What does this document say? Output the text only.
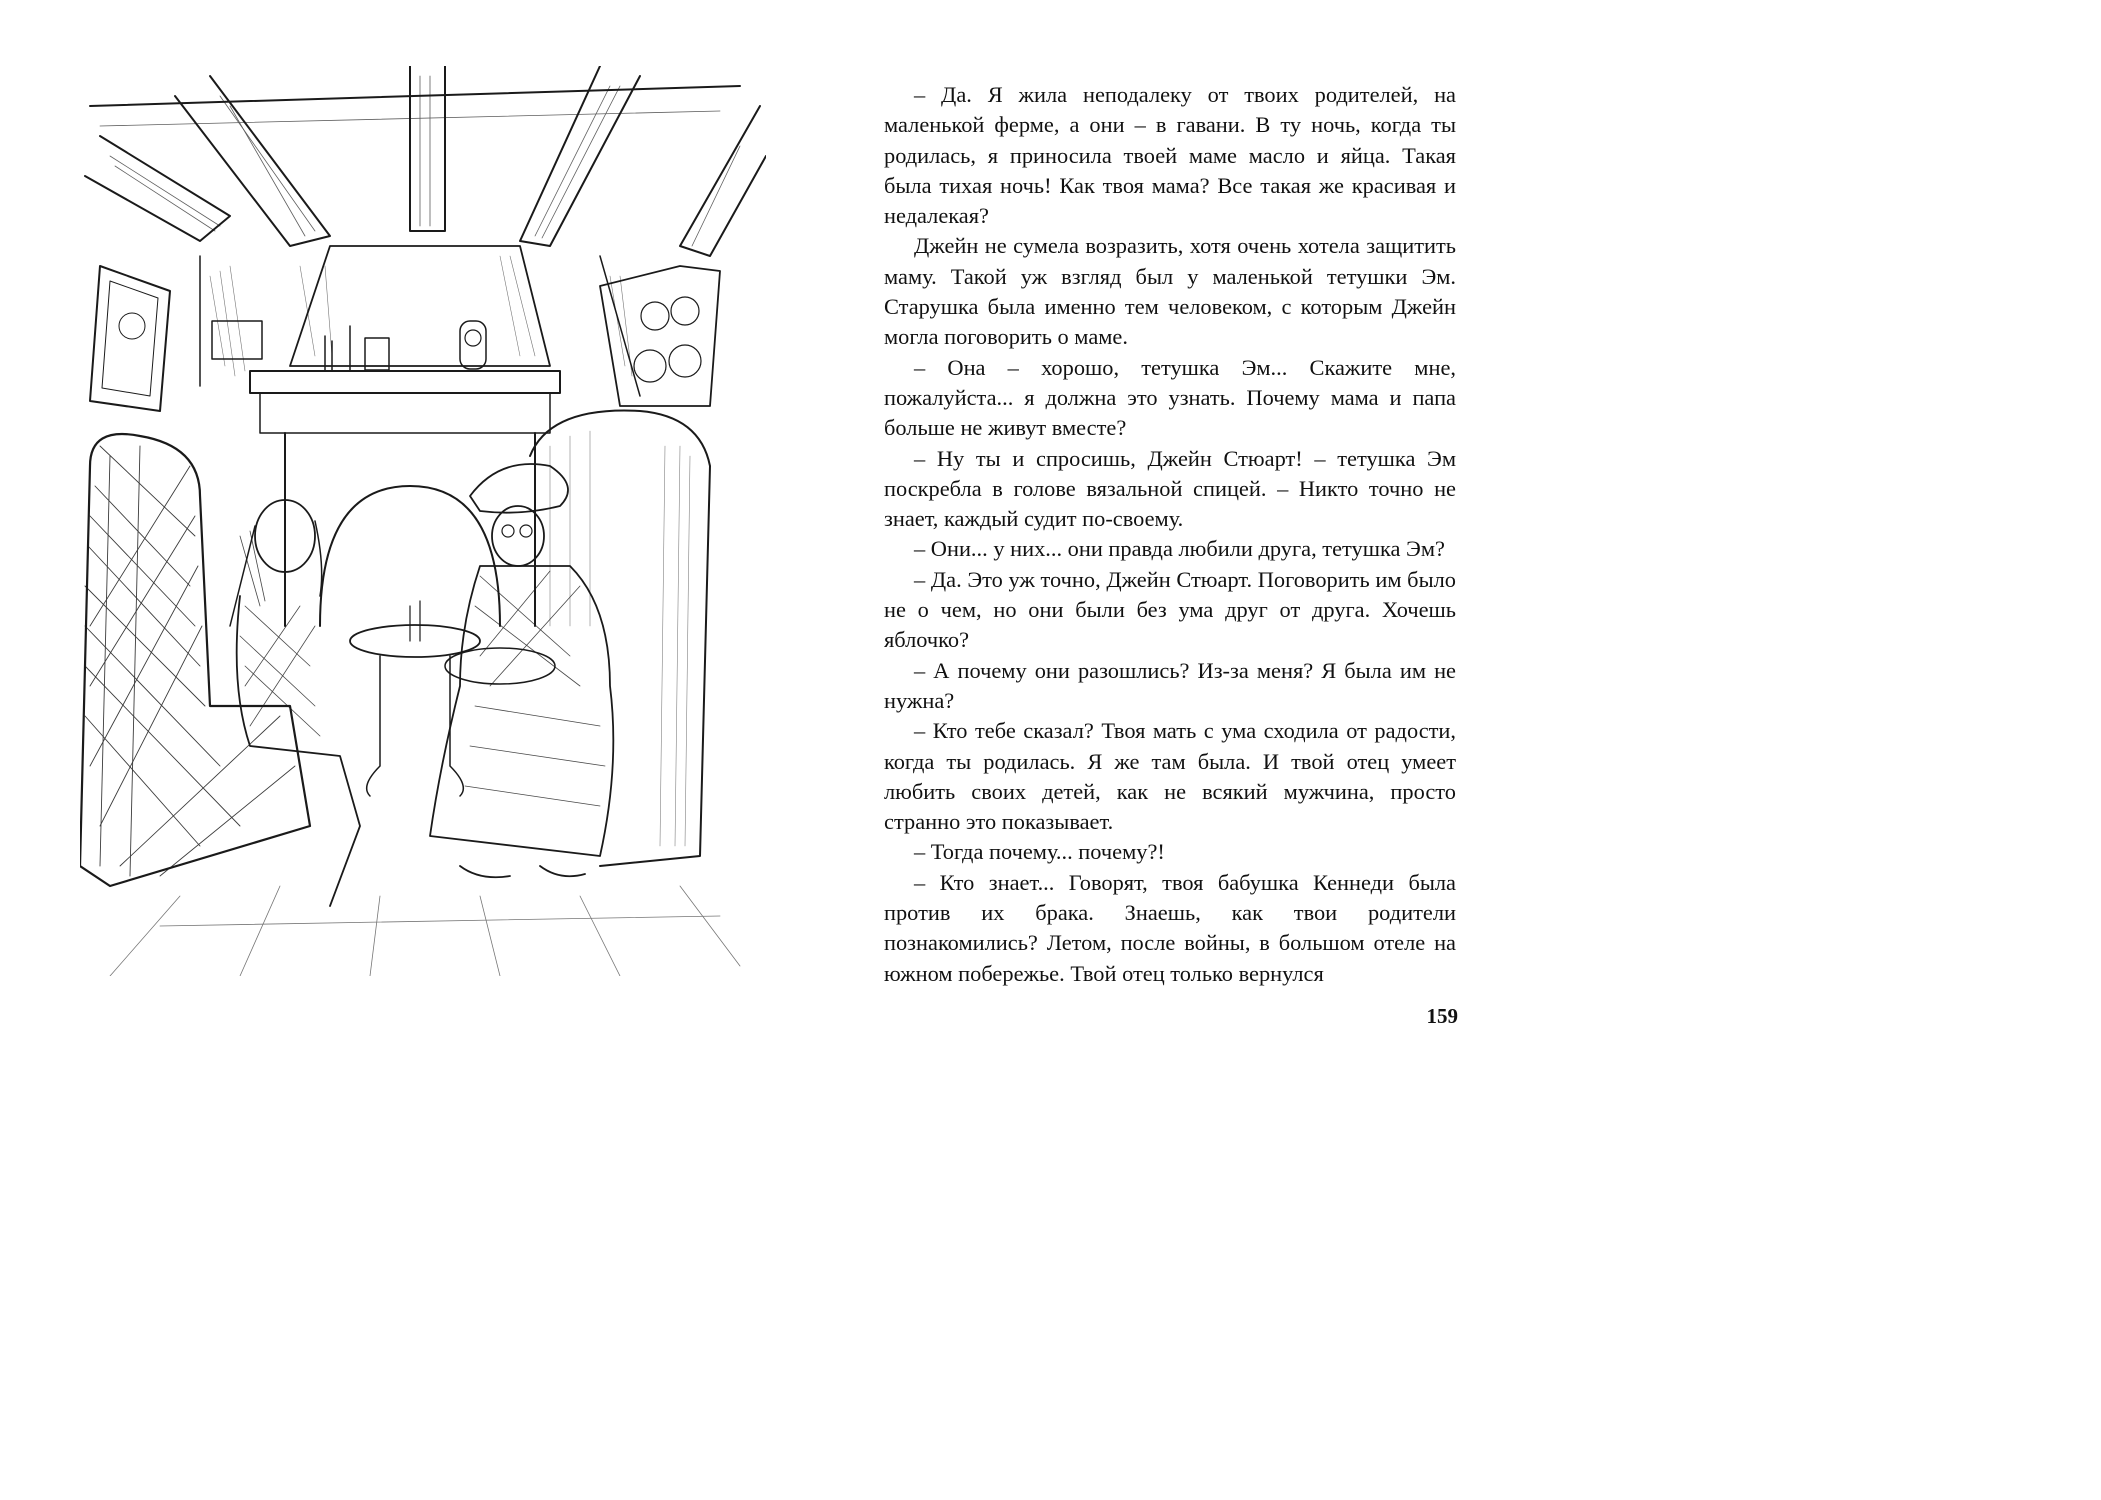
– Да. Я жила неподалеку от твоих родителей, на маленькой ферме, а они – в гавани. В ту ночь, когда ты родилась, я приносила твоей маме масло и яйца. Такая была тихая ночь! Как твоя мама? Все такая же красивая и недалекая?

Джейн не сумела возразить, хотя очень хотела защитить маму. Такой уж взгляд был у маленькой тетушки Эм. Старушка была именно тем человеком, с которым Джейн могла поговорить о маме.

– Она – хорошо, тетушка Эм... Скажите мне, пожалуйста... я должна это узнать. Почему мама и папа больше не живут вместе?

– Ну ты и спросишь, Джейн Стюарт! – тетушка Эм поскребла в голове вязальной спицей. – Никто точно не знает, каждый судит по-своему.

– Они... у них... они правда любили друга, тетушка Эм?

– Да. Это уж точно, Джейн Стюарт. Поговорить им было не о чем, но они были без ума друг от друга. Хочешь яблочко?

– А почему они разошлись? Из-за меня? Я была им не нужна?

– Кто тебе сказал? Твоя мать с ума сходила от радости, когда ты родилась. Я же там была. И твой отец умеет любить своих детей, как не всякий мужчина, просто странно это показывает.

– Тогда почему... почему?!

– Кто знает... Говорят, твоя бабушка Кеннеди была против их брака. Знаешь, как твои родители познакомились? Летом, после войны, в большом отеле на южном побережье. Твой отец только вернулся

159
